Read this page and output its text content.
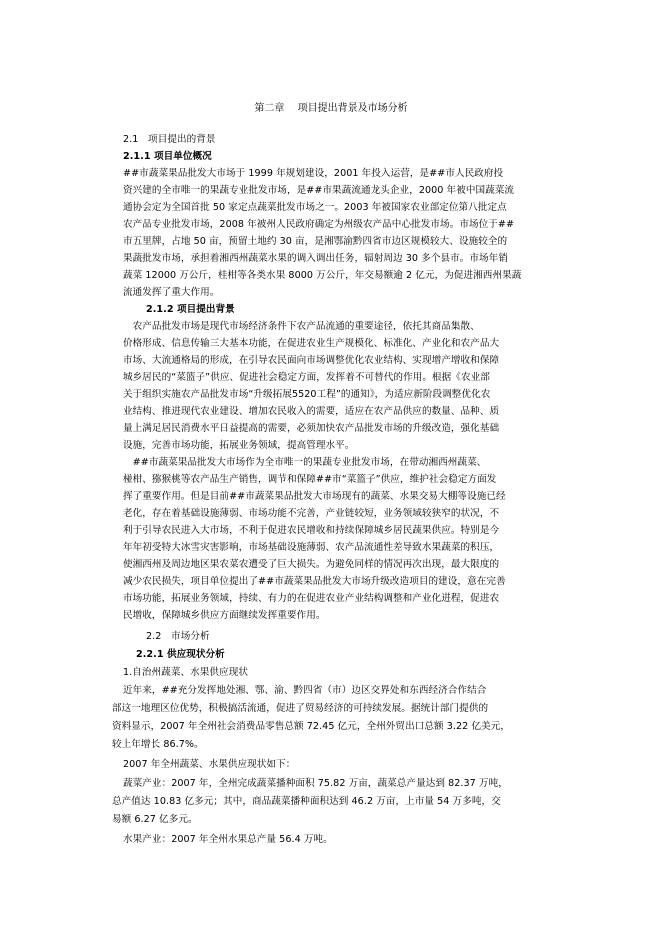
第二章　 项目提出背景及市场分析
2.1　项目提出的背景
2.1.1 项目单位概况
##市蔬菜果品批发大市场于 1999 年规划建设，2001 年投入运营，是##市人民政府投
资兴建的全市唯一的果蔬专业批发市场，是##市果蔬流通龙头企业，2000 年被中国蔬菜流
通协会定为全国首批 50 家定点蔬菜批发市场之一。2003 年被国家农业部定位第八批定点
农产品专业批发市场，2008 年被州人民政府确定为州级农产品中心批发市场。市场位于##
市五里牌，占地 50 亩，预留土地约 30 亩，是湘鄂渝黔四省市边区规模较大、设施较全的
果蔬批发市场，承担着湘西州蔬菜水果的调入调出任务，辐射周边 30 多个县市。市场年销
蔬菜 12000 万公斤，桂柑等各类水果 8000 万公斤，年交易额逾 2 亿元，为促进湘西州果蔬
流通发挥了重大作用。
2.1.2 项目提出背景
　农产品批发市场是现代市场经济条件下农产品流通的重要途径，依托其商品集散、
价格形成、信息传输三大基本功能，在促进农业生产规模化、标准化、产业化和农产品大
市场、大流通格局的形成，在引导农民面向市场调整优化农业结构、实现增产增收和保障
城乡居民的“菜篮子”供应、促进社会稳定方面，发挥着不可替代的作用。根据《农业部
关于组织实施农产品批发市场“升级拓展5520工程”的通知》，为适应新阶段调整优化农
业结构、推进现代农业建设、增加农民收入的需要，适应在农产品供应的数量、品种、质
量上满足居民消费水平日益提高的需要，必须加快农产品批发市场的升级改造，强化基础
设施，完善市场功能，拓展业务领域，提高管理水平。
　##市蔬菜果品批发大市场作为全市唯一的果蔬专业批发市场，在带动湘西州蔬菜、
椪柑、猕猴桃等农产品生产销售，调节和保障##市“菜篮子”供应，维护社会稳定方面发
挥了重要作用。但是目前##市蔬菜果品批发大市场现有的蔬菜、水果交易大棚等设施已经
老化，存在着基础设施薄弱、市场功能不完善，产业链较短，业务领域较狭窄的状况，不
利于引导农民进入大市场，不利于促进农民增收和持续保障城乡居民蔬果供应。特别是今
年年初受特大冰雪灾害影响，市场基础设施薄弱、农产品流通性差导致水果蔬菜的积压，
使湘西州及周边地区果农菜农遭受了巨大损失。为避免同样的情况再次出现，最大限度的
减少农民损失，项目单位提出了##市蔬菜果品批发大市场升级改造项目的建设，意在完善
市场功能，拓展业务领域，持续、有力的在促进农业产业结构调整和产业化进程，促进农
民增收，保障城乡供应方面继续发挥重要作用。
2.2　市场分析
2.2.1 供应现状分析
1.自治州蔬菜、水果供应现状
近年来，##充分发挥地处湘、鄂、渝、黔四省（市）边区交界处和东西经济合作结合
部这一地理区位优势，积极搞活流通，促进了贸易经济的可持续发展。据统计部门提供的
资料显示，2007 年全州社会消费品零售总额 72.45 亿元，全州外贸出口总额 3.22 亿美元，
较上年增长 86.7%。
2007 年全州蔬菜、水果供应现状如下：
蔬菜产业：2007 年，全州完成蔬菜播种面积 75.82 万亩，蔬菜总产量达到 82.37 万吨，
总产值达 10.83 亿多元；其中，商品蔬菜播种面积达到 46.2 万亩，上市量 54 万多吨，交
易额 6.27 亿多元。
水果产业：2007 年全州水果总产量 56.4 万吨。
